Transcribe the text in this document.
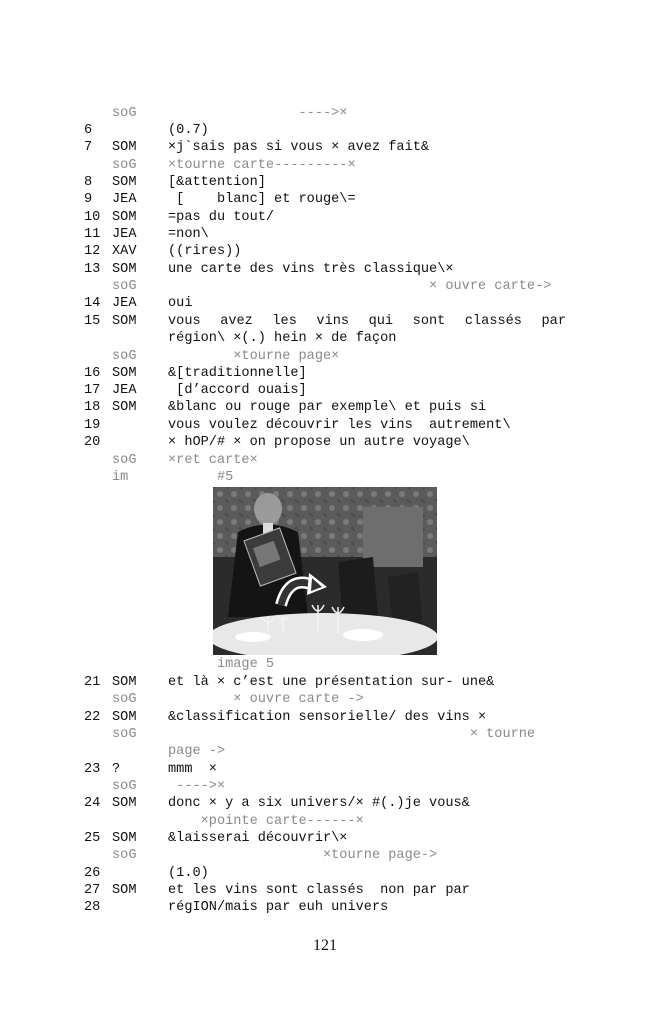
soG ---->×
6	(0.7)
7 SOM ×j`sais pas si vous × avez fait&
soG ×tourne carte---------×
8 SOM [&attention]
9 JEA [    blanc] et rouge\=
10 SOM =pas du tout/
11 JEA =non\
12 XAV ((rires))
13 SOM une carte des vins très classique\×
soG × ouvre carte->
14 JEA oui
15 SOM vous avez les vins qui sont classés par
région\ ×(.) hein × de façon
soG ×tourne page×
16 SOM &[traditionnelle]
17 JEA [d’accord ouais]
18 SOM &blanc ou rouge par exemple\ et puis si
19	vous voulez découvrir les vins  autrement\
20	× hOP/# × on propose un autre voyage\
soG ×ret carte×
im	#5
image 5
21 SOM et là × c’est une présentation sur- une&
soG × ouvre carte ->
22 SOM &classification sensorielle/ des vins ×
soG × tourne
page ->
23 ?	mmm  ×
soG ---->×
24 SOM donc × y a six univers/× #(.)je vous&
×pointe carte------×
25 SOM &laisserai découvrir\×
soG ×tourne page->
26	(1.0)
27 SOM et les vins sont classés  non par par
28	régION/mais par euh univers
121
